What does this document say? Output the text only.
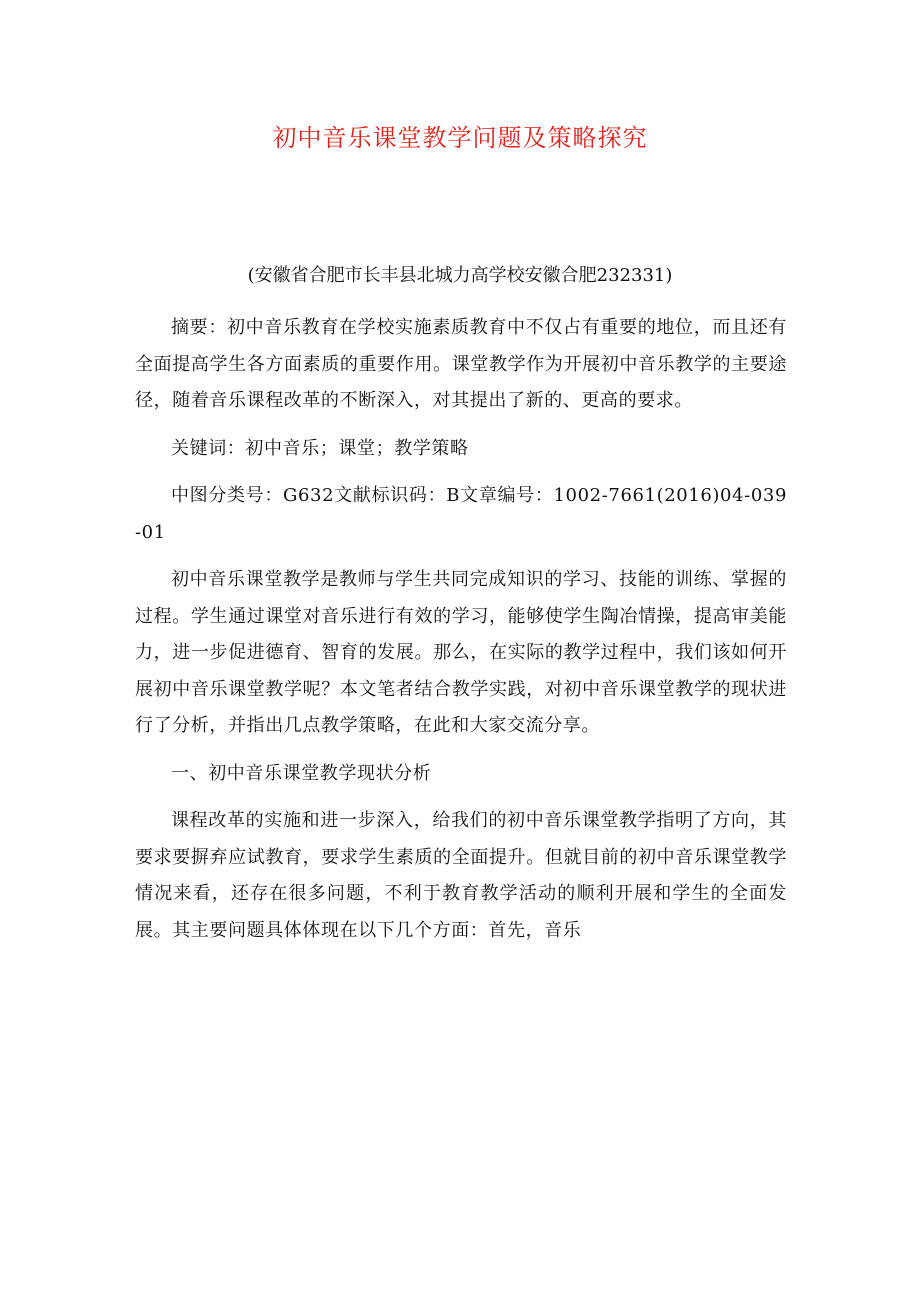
初中音乐课堂教学问题及策略探究
(安徽省合肥市长丰县北城力高学校安徽合肥232331)

摘要：初中音乐教育在学校实施素质教育中不仅占有重要的地位，而且还有全面提高学生各方面素质的重要作用。课堂教学作为开展初中音乐教学的主要途径，随着音乐课程改革的不断深入，对其提出了新的、更高的要求。

关键词：初中音乐；课堂；教学策略

中图分类号：G632文献标识码：B文章编号：1002-7661(2016)04-039-01

初中音乐课堂教学是教师与学生共同完成知识的学习、技能的训练、掌握的过程。学生通过课堂对音乐进行有效的学习，能够使学生陶冶情操，提高审美能力，进一步促进德育、智育的发展。那么，在实际的教学过程中，我们该如何开展初中音乐课堂教学呢？本文笔者结合教学实践，对初中音乐课堂教学的现状进行了分析，并指出几点教学策略，在此和大家交流分享。

一、初中音乐课堂教学现状分析

课程改革的实施和进一步深入，给我们的初中音乐课堂教学指明了方向，其要求要摒弃应试教育，要求学生素质的全面提升。但就目前的初中音乐课堂教学情况来看，还存在很多问题，不利于教育教学活动的顺利开展和学生的全面发展。其主要问题具体体现在以下几个方面：首先，音乐
